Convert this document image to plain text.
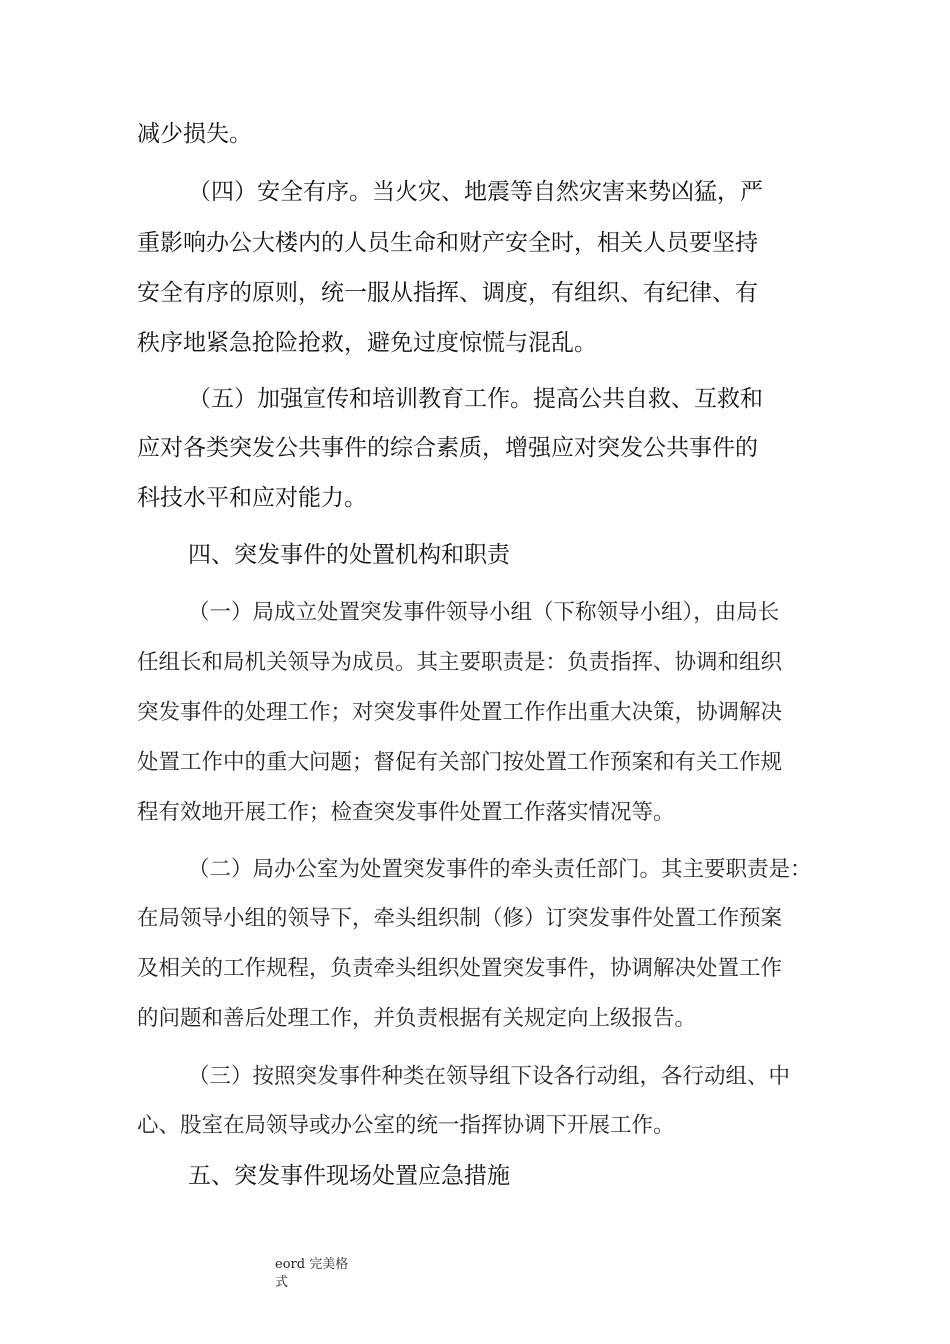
减少损失。
（四）安全有序。当火灾、地震等自然灾害来势凶猛，严
重影响办公大楼内的人员生命和财产安全时，相关人员要坚持
安全有序的原则，统一服从指挥、调度，有组织、有纪律、有
秩序地紧急抢险抢救，避免过度惊慌与混乱。
（五）加强宣传和培训教育工作。提高公共自救、互救和
应对各类突发公共事件的综合素质，增强应对突发公共事件的
科技水平和应对能力。
四、突发事件的处置机构和职责
（一）局成立处置突发事件领导小组（下称领导小组），由局长
任组长和局机关领导为成员。其主要职责是：负责指挥、协调和组织
突发事件的处理工作；对突发事件处置工作作出重大决策，协调解决
处置工作中的重大问题；督促有关部门按处置工作预案和有关工作规
程有效地开展工作；检查突发事件处置工作落实情况等。
（二）局办公室为处置突发事件的牵头责任部门。其主要职责是：
在局领导小组的领导下，牵头组织制（修）订突发事件处置工作预案
及相关的工作规程，负责牵头组织处置突发事件，协调解决处置工作
的问题和善后处理工作，并负责根据有关规定向上级报告。
（三）按照突发事件种类在领导组下设各行动组，各行动组、中
心、股室在局领导或办公室的统一指挥协调下开展工作。
五、突发事件现场处置应急措施
eord 完美格
式
